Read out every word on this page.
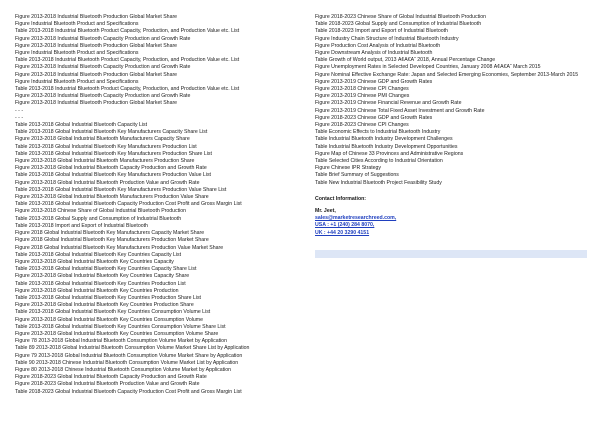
Figure 2013-2018 Industrial Bluetooth Production Global Market Share
Figure Industrial Bluetooth Product and Specifications
Table 2013-2018 Industrial Bluetooth Product Capacity, Production, and Production Value etc. List
Figure 2013-2018 Industrial Bluetooth Capacity Production and Growth Rate
Figure 2013-2018 Industrial Bluetooth Production Global Market Share
Figure Industrial Bluetooth Product and Specifications
Table 2013-2018 Industrial Bluetooth Product Capacity, Production, and Production Value etc. List
Figure 2013-2018 Industrial Bluetooth Capacity Production and Growth Rate
Figure 2013-2018 Industrial Bluetooth Production Global Market Share
Figure Industrial Bluetooth Product and Specifications
Table 2013-2018 Industrial Bluetooth Product Capacity, Production, and Production Value etc. List
Figure 2013-2018 Industrial Bluetooth Capacity Production and Growth Rate
Figure 2013-2018 Industrial Bluetooth Production Global Market Share
- - -
- - -
Table 2013-2018 Global Industrial Bluetooth Capacity List
Table 2013-2018 Global Industrial Bluetooth Key Manufacturers Capacity Share List
Figure 2013-2018 Global Industrial Bluetooth Manufacturers Capacity Share
Table 2013-2018 Global Industrial Bluetooth Key Manufacturers Production List
Table 2013-2018 Global Industrial Bluetooth Key Manufacturers Production Share List
Figure 2013-2018 Global Industrial Bluetooth Manufacturers Production Share
Figure 2013-2018 Global Industrial Bluetooth Capacity Production and Growth Rate
Table 2013-2018 Global Industrial Bluetooth Key Manufacturers Production Value List
Figure 2013-2018 Global Industrial Bluetooth Production Value and Growth Rate
Table 2013-2018 Global Industrial Bluetooth Key Manufacturers Production Value Share List
Figure 2013-2018 Global Industrial Bluetooth Manufacturers Production Value Share
Table 2013-2018 Global Industrial Bluetooth Capacity Production Cost Profit and Gross Margin List
Figure 2013-2018 Chinese Share of Global Industrial Bluetooth Production
Table 2013-2018 Global Supply and Consumption of Industrial Bluetooth
Table 2013-2018 Import and Export of Industrial Bluetooth
Figure 2018 Global Industrial Bluetooth Key Manufacturers Capacity Market Share
Figure 2018 Global Industrial Bluetooth Key Manufacturers Production Market Share
Figure 2018 Global Industrial Bluetooth Key Manufacturers Production Value Market Share
Table 2013-2018 Global Industrial Bluetooth Key Countries Capacity List
Figure 2013-2018 Global Industrial Bluetooth Key Countries Capacity
Table 2013-2018 Global Industrial Bluetooth Key Countries Capacity Share List
Figure 2013-2018 Global Industrial Bluetooth Key Countries Capacity Share
Table 2013-2018 Global Industrial Bluetooth Key Countries Production List
Figure 2013-2018 Global Industrial Bluetooth Key Countries Production
Table 2013-2018 Global Industrial Bluetooth Key Countries Production Share List
Figure 2013-2018 Global Industrial Bluetooth Key Countries Production Share
Table 2013-2018 Global Industrial Bluetooth Key Countries Consumption Volume List
Figure 2013-2018 Global Industrial Bluetooth Key Countries Consumption Volume
Table 2013-2018 Global Industrial Bluetooth Key Countries Consumption Volume Share List
Figure 2013-2018 Global Industrial Bluetooth Key Countries Consumption Volume Share
Figure 78 2013-2018 Global Industrial Bluetooth Consumption Volume Market by Application
Table 89 2013-2018 Global Industrial Bluetooth Consumption Volume Market Share List by Application
Figure 79 2013-2018 Global Industrial Bluetooth Consumption Volume Market Share by Application
Table 90 2013-2018 Chinese Industrial Bluetooth Consumption Volume Market List by Application
Figure 80 2013-2018 Chinese Industrial Bluetooth Consumption Volume Market by Application
Figure 2018-2023 Global Industrial Bluetooth Capacity Production and Growth Rate
Figure 2018-2023 Global Industrial Bluetooth Production Value and Growth Rate
Table 2018-2023 Global Industrial Bluetooth Capacity Production Cost Profit and Gross Margin List
Figure 2018-2023 Chinese Share of Global Industrial Bluetooth Production
Table 2018-2023 Global Supply and Consumption of Industrial Bluetooth
Table 2018-2023 Import and Export of Industrial Bluetooth
Figure Industry Chain Structure of Industrial Bluetooth Industry
Figure Production Cost Analysis of Industrial Bluetooth
Figure Downstream Analysis of Industrial Bluetooth
Table Growth of World output, 2013 Ã¢Â€Â“ 2018, Annual Percentage Change
Figure Unemployment Rates in Selected Developed Countries, January 2008 Ã¢Â€Â“ March 2015
Figure Nominal Effective Exchange Rate: Japan and Selected Emerging Economies, September 2013-March 2015
Figure 2013-2019 Chinese GDP and Growth Rates
Figure 2013-2018 Chinese CPI Changes
Figure 2013-2019 Chinese PMI Changes
Figure 2013-2019 Chinese Financial Revenue and Growth Rate
Figure 2013-2019 Chinese Total Fixed Asset Investment and Growth Rate
Figure 2018-2023 Chinese GDP and Growth Rates
Figure 2018-2023 Chinese CPI Changes
Table Economic Effects to Industrial Bluetooth Industry
Table Industrial Bluetooth Industry Development Challenges
Table Industrial Bluetooth Industry Development Opportunities
Figure Map of Chinese 33 Provinces and Administrative Regions
Table Selected Cities According to Industrial Orientation
Figure Chinese IPR Strategy
Table Brief Summary of Suggestions
Table New Industrial Bluetooth Project Feasibility Study
Contact Information:
Mr. Jeet,
sales@marketresearchreed.com,
USA : +1 (240) 284 8070,
UK : +44 20 3290 4151
